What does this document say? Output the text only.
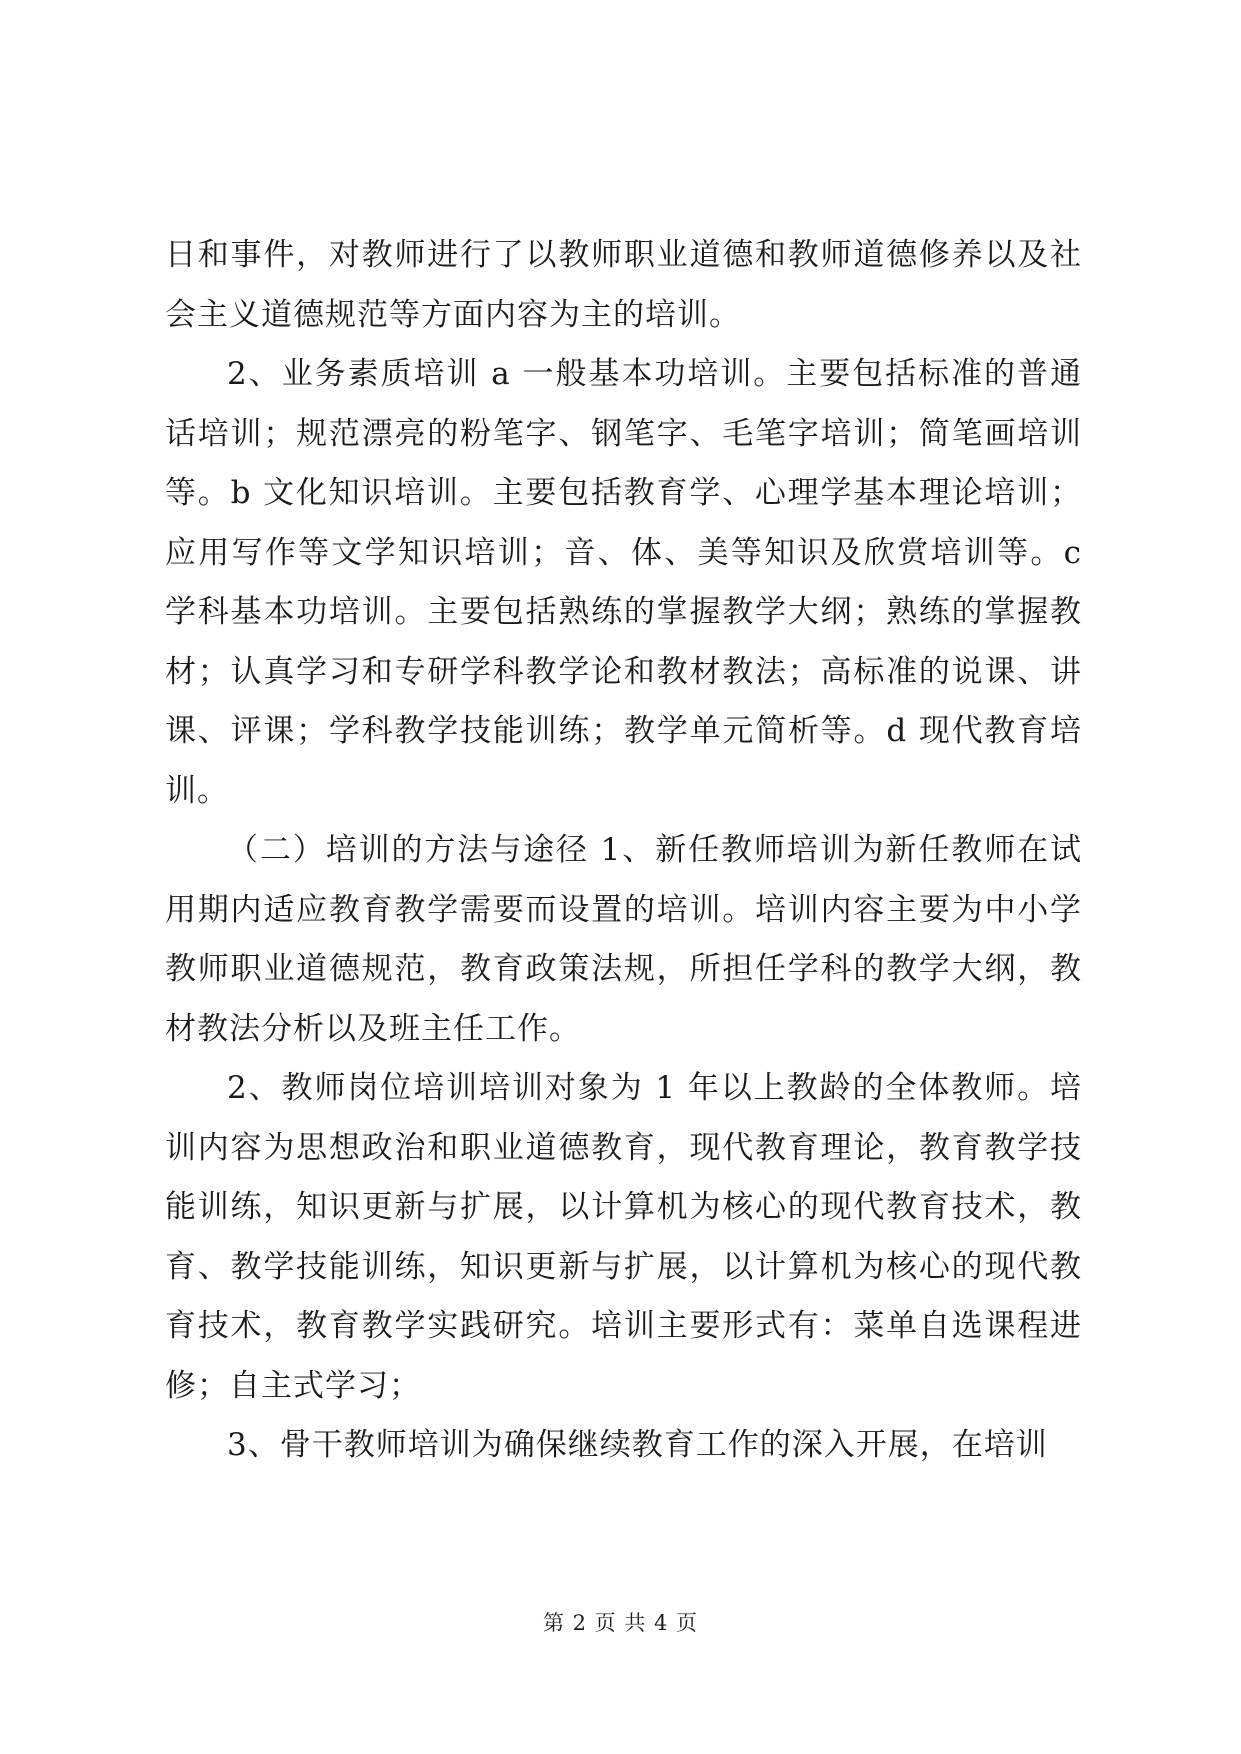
日和事件，对教师进行了以教师职业道德和教师道德修养以及社会主义道德规范等方面内容为主的培训。

2、业务素质培训 a 一般基本功培训。主要包括标准的普通话培训；规范漂亮的粉笔字、钢笔字、毛笔字培训；简笔画培训等。b 文化知识培训。主要包括教育学、心理学基本理论培训；应用写作等文学知识培训；音、体、美等知识及欣赏培训等。c 学科基本功培训。主要包括熟练的掌握教学大纲；熟练的掌握教材；认真学习和专研学科教学论和教材教法；高标准的说课、讲课、评课；学科教学技能训练；教学单元简析等。d 现代教育培训。

（二）培训的方法与途径 1、新任教师培训为新任教师在试用期内适应教育教学需要而设置的培训。培训内容主要为中小学教师职业道德规范，教育政策法规，所担任学科的教学大纲，教材教法分析以及班主任工作。

2、教师岗位培训培训对象为 1 年以上教龄的全体教师。培训内容为思想政治和职业道德教育，现代教育理论，教育教学技能训练，知识更新与扩展，以计算机为核心的现代教育技术，教育、教学技能训练，知识更新与扩展，以计算机为核心的现代教育技术，教育教学实践研究。培训主要形式有：菜单自选课程进修；自主式学习；

3、骨干教师培训为确保继续教育工作的深入开展，在培训

第 2 页 共 4 页
